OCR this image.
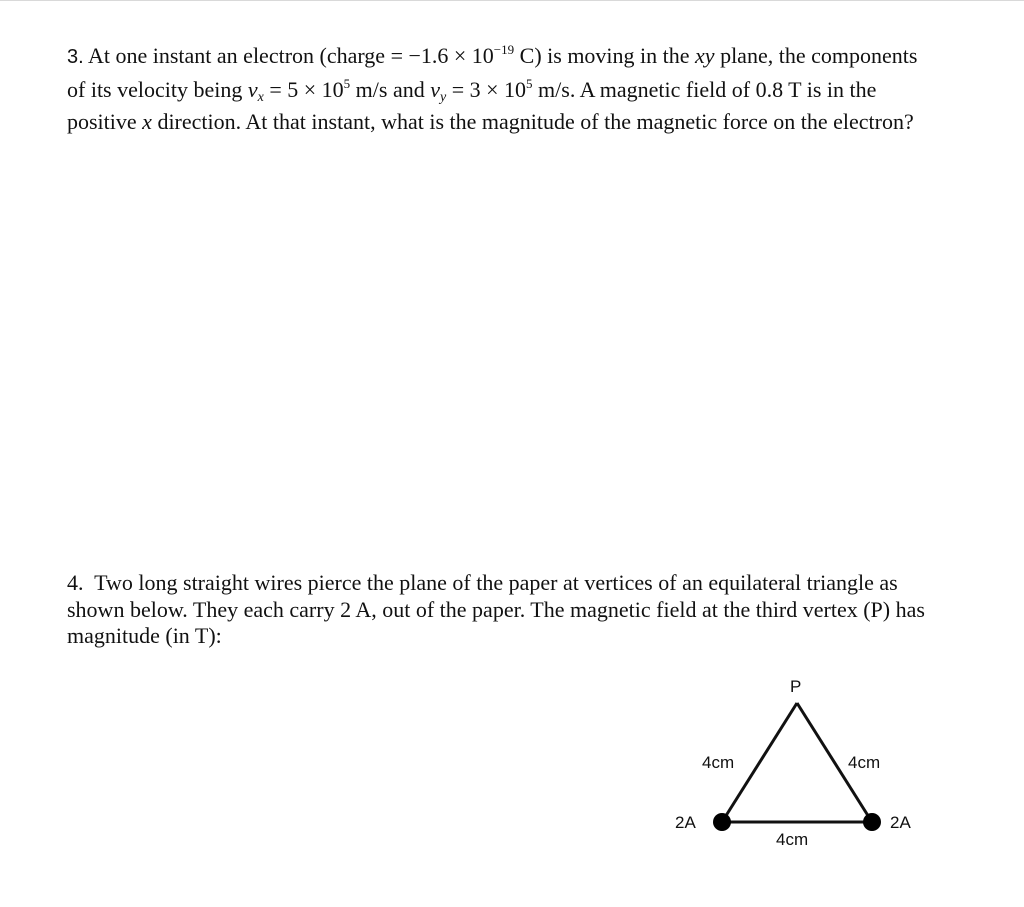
3. At one instant an electron (charge = $-1.6 \times 10^{-19}$ C) is moving in the xy plane, the components of its velocity being $v_x = 5 \times 10^5$ m/s and $v_y = 3 \times 10^5$ m/s. A magnetic field of 0.8 T is in the positive x direction. At that instant, what is the magnitude of the magnetic force on the electron?
4. Two long straight wires pierce the plane of the paper at vertices of an equilateral triangle as shown below. They each carry 2 A, out of the paper. The magnetic field at the third vertex (P) has magnitude (in T):
P
4cm	4cm
4cm
2A	2A
